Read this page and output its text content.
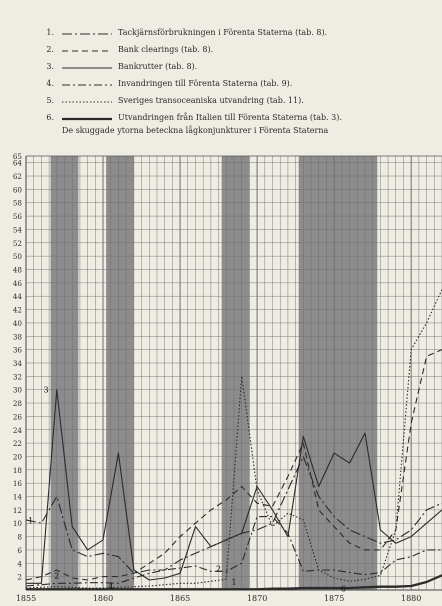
1.	Tackjärnsförbrukningen i Förenta Staterna (tab. 8).
2.	Bank clearings (tab. 8).
3.	Bankrutter (tab. 8).
4.	Invandringen till Förenta Staterna (tab. 9).
5.	Sveriges transoceaniska utvandring (tab. 11).
6.	Utvandringen från Italien till Förenta Staterna (tab. 3).
De skuggade ytorna beteckna lågkonjunkturer i Förenta Staterna
2
4
6
8
10
12
14
16
18
20
22
24
26
28
30
32
34
36
38
40
42
44
46
48
50
52
54
56
58
60
62
64
65
1855	1860	1865	1870	1875	1880
3
1
2
4
2
1
6
